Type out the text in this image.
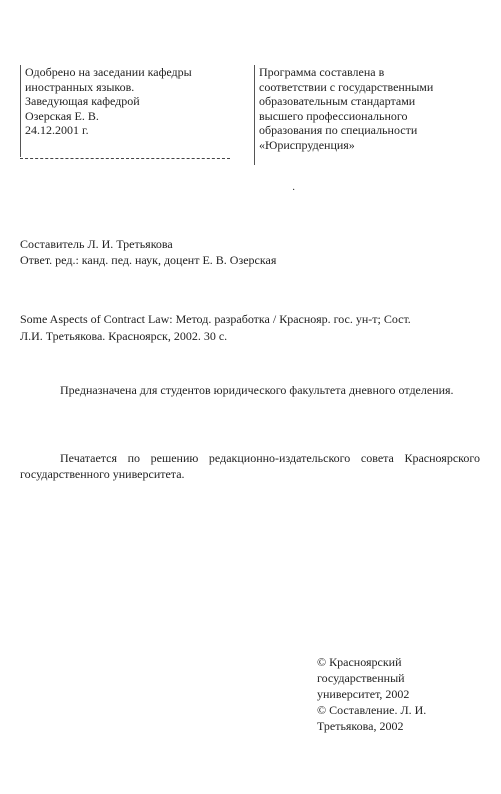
Одобрено на заседании кафедры
иностранных языков.
Заведующая кафедрой
Озерская Е. В.
24.12.2001 г.

Программа составлена в
соответствии с государственными
образовательным стандартами
высшего профессионального
образования по специальности
«Юриспруденция»

·
Составитель Л. И. Третьякова
Ответ. ред.: канд. пед. наук, доцент Е. В. Озерская
Some Aspects of Contract Law: Метод. разработка / Краснояр. гос. ун-т; Сост.
Л.И. Третьякова. Красноярск, 2002. 30 с.

Предназначена для студентов юридического факультета дневного отделения.

Печатается по решению редакционно-издательского совета Красноярского государственного университета.

© Красноярский
государственный
университет, 2002
© Составление. Л. И.
Третьякова, 2002
